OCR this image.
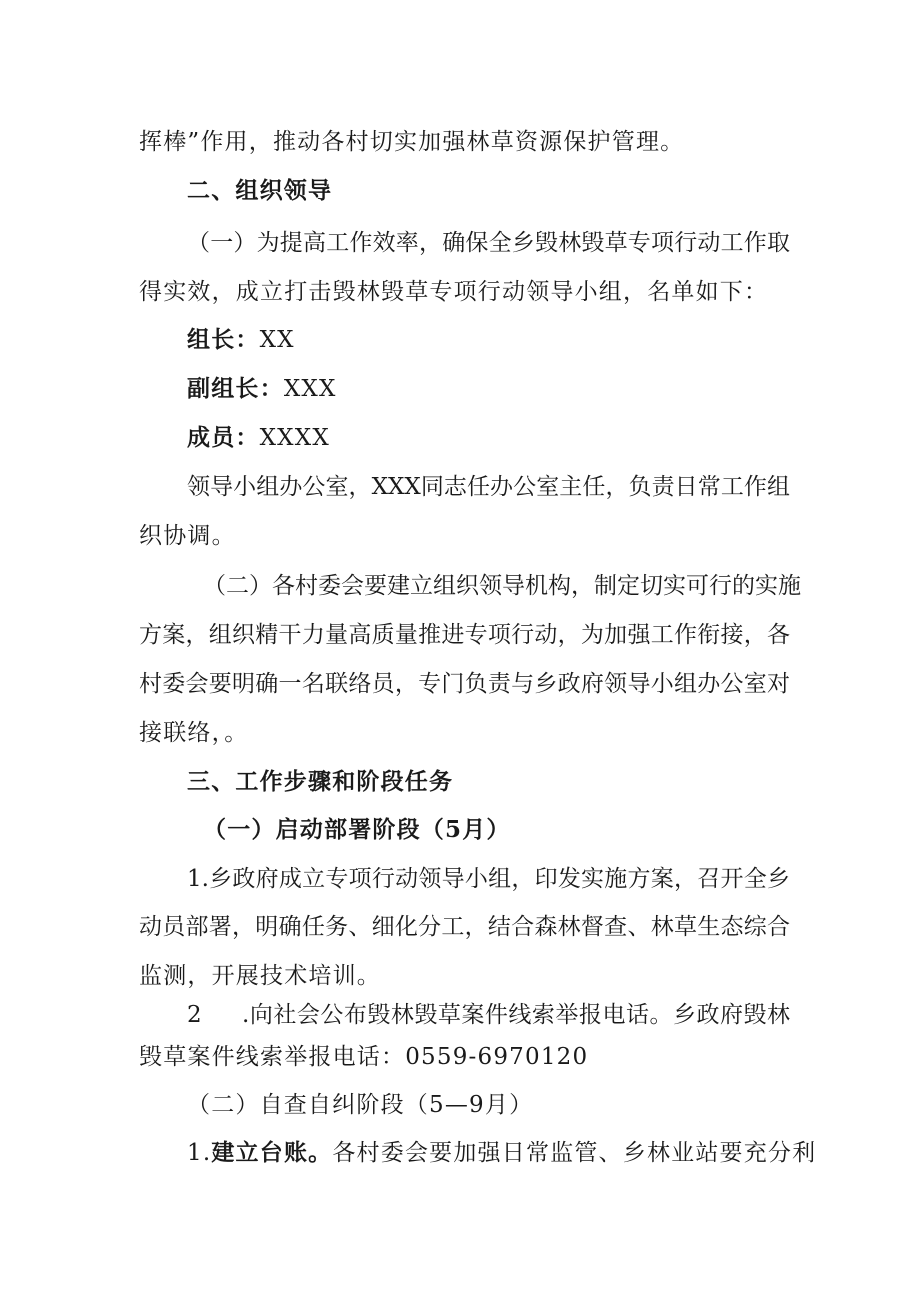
挥棒”作用，推动各村切实加强林草资源保护管理。
二、组织领导
（一）为提高工作效率，确保全乡毁林毁草专项行动工作取
得实效，成立打击毁林毁草专项行动领导小组，名单如下：
组长：XX
副组长：XXX
成员：XXXX
领导小组办公室，XXX同志任办公室主任，负责日常工作组
织协调。
（二）各村委会要建立组织领导机构，制定切实可行的实施
方案，组织精干力量高质量推进专项行动，为加强工作衔接，各
村委会要明确一名联络员，专门负责与乡政府领导小组办公室对
接联络，。
三、工作步骤和阶段任务
（一）启动部署阶段（5月）
1.乡政府成立专项行动领导小组，印发实施方案，召开全乡
动员部署，明确任务、细化分工，结合森林督查、林草生态综合
监测，开展技术培训。
2 .向社会公布毁林毁草案件线索举报电话。乡政府毁林
毁草案件线索举报电话：0559-6970120
（二）自查自纠阶段（5—9月）
1. 建立台账。 各村委会要加强日常监管、乡林业站要充分利
